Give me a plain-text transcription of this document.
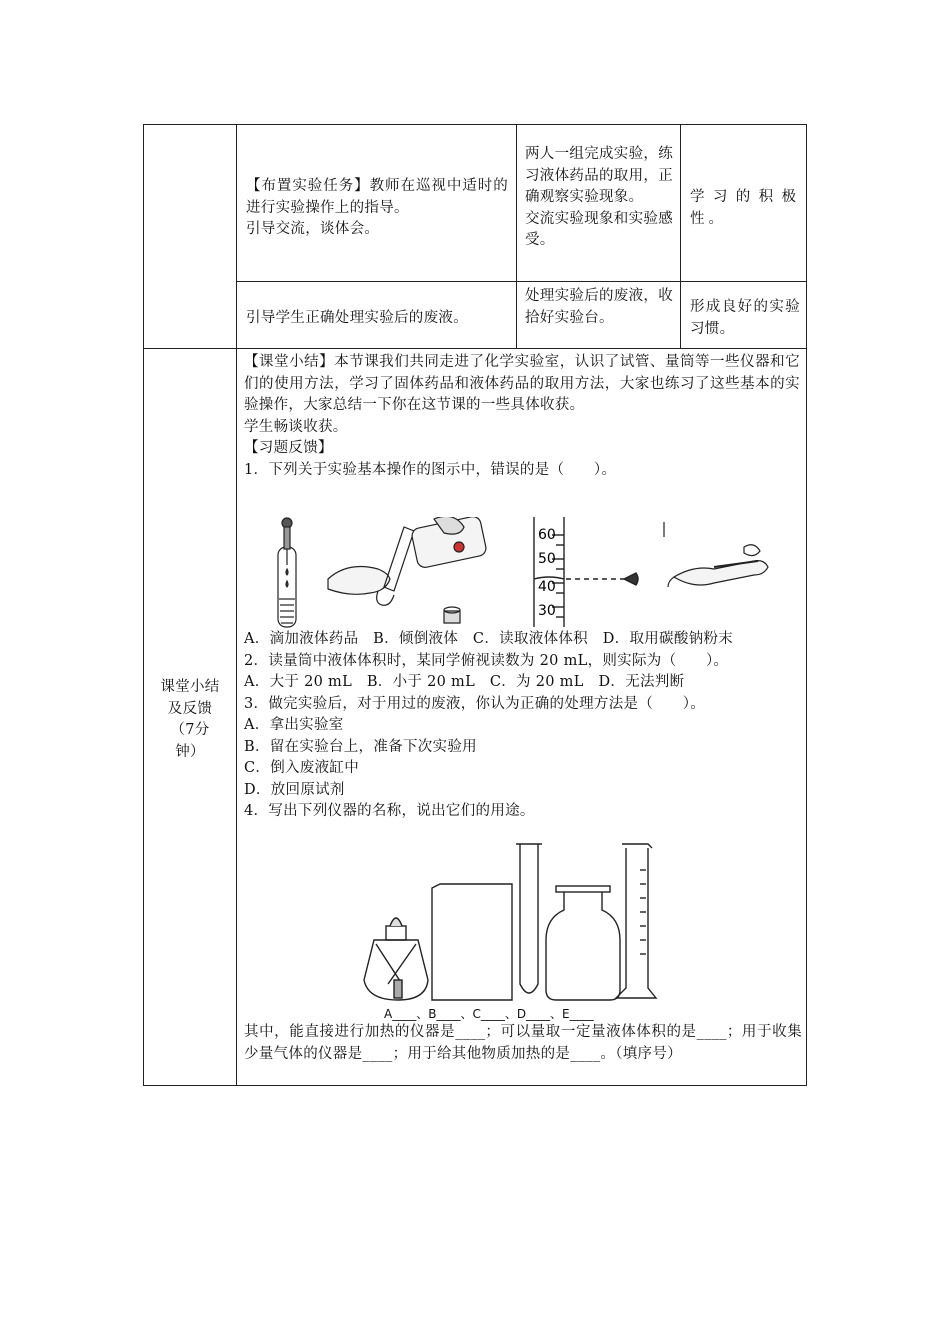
【布置实验任务】教师在巡视中适时的进行实验操作上的指导。

引导交流，谈体会。

两人一组完成实验，练习液体药品的取用，正确观察实验现象。

交流实验现象和实验感受。

学习的积极性。

引导学生正确处理实验后的废液。

处理实验后的废液，收拾好实验台。

形成良好的实验习惯。

课堂小结

及反馈

（7分

钟）

【课堂小结】本节课我们共同走进了化学实验室，认识了试管、量筒等一些仪器和它们的使用方法，学习了固体药品和液体药品的取用方法，大家也练习了这些基本的实验操作，大家总结一下你在这节课的一些具体收获。

学生畅谈收获。

【习题反馈】

1．下列关于实验基本操作的图示中，错误的是（　　）。

60
50
40
30

A．滴加液体药品　B．倾倒液体　C．读取液体体积　D．取用碳酸钠粉末

2．读量筒中液体体积时，某同学俯视读数为 20 mL，则实际为（　　）。

A．大于 20 mL　B．小于 20 mL　C．为 20 mL　D．无法判断

3．做完实验后，对于用过的废液，你认为正确的处理方法是（　　）。

A．拿出实验室

B．留在实验台上，准备下次实验用

C．倒入废液缸中

D．放回原试剂

4．写出下列仪器的名称，说出它们的用途。

A____、B____、C____、D____、E____

其中，能直接进行加热的仪器是____；可以量取一定量液体体积的是____；用于收集少量气体的仪器是____；用于给其他物质加热的是____。（填序号）
